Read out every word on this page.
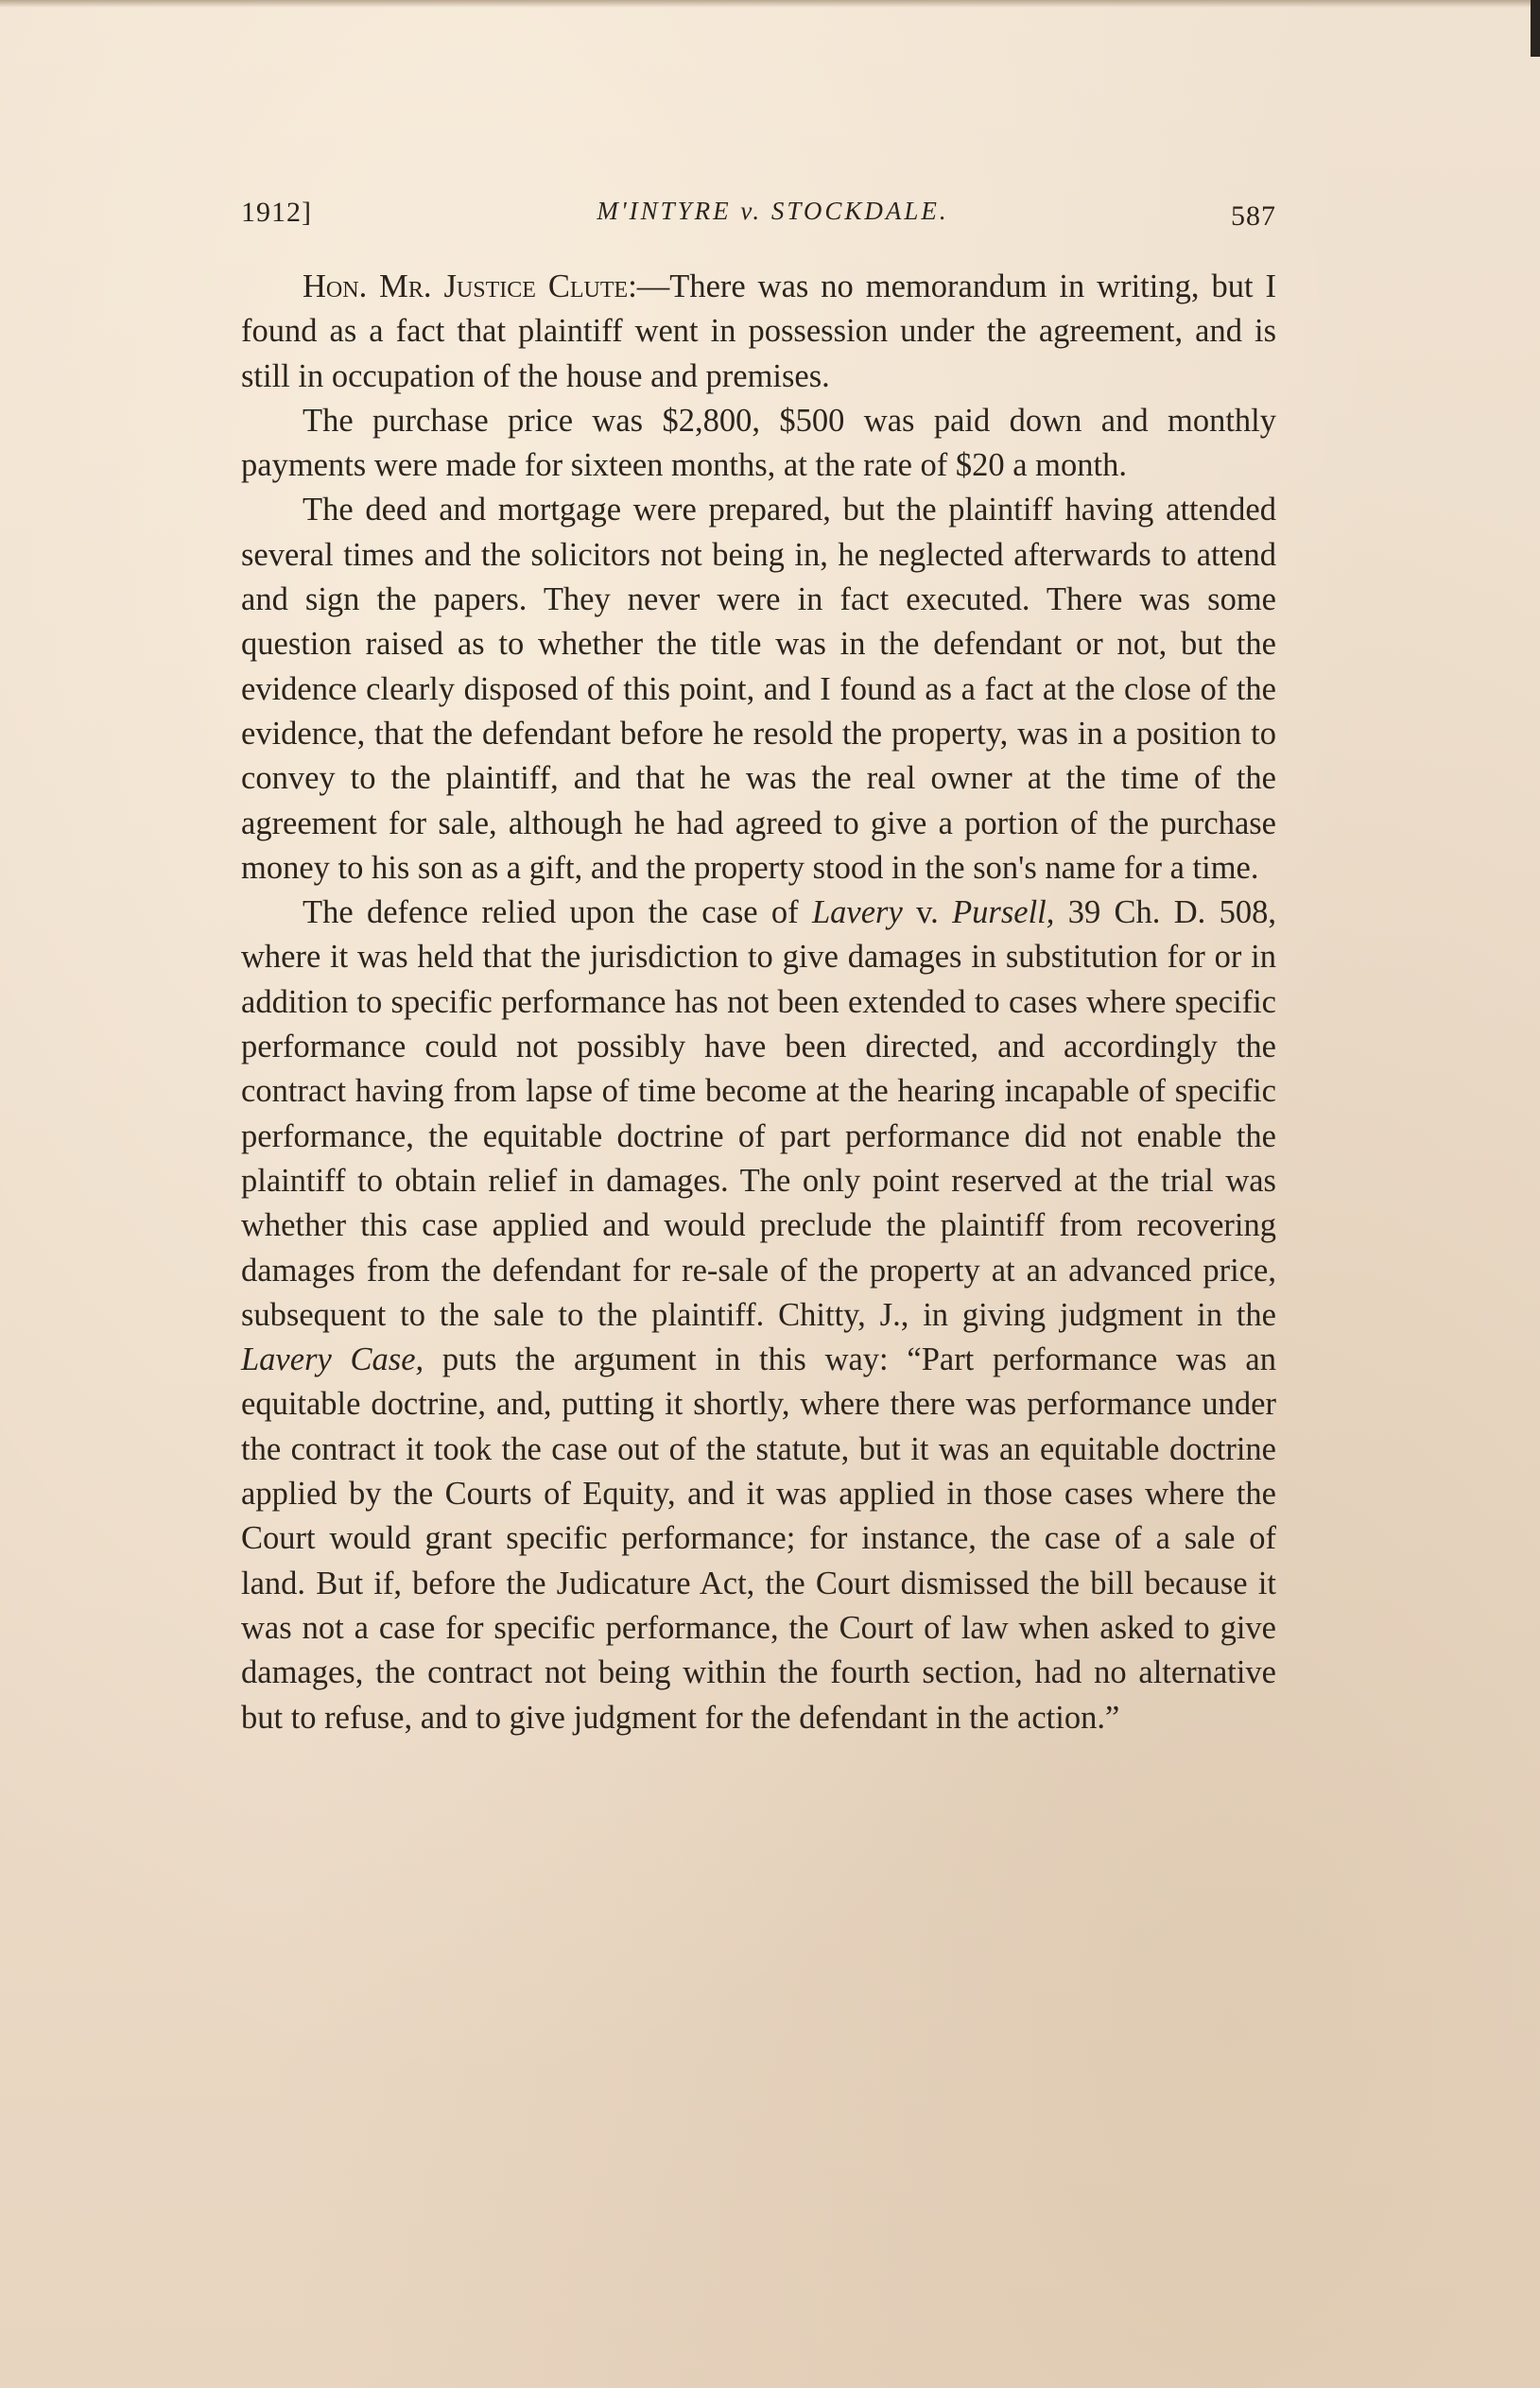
1912]	M'INTYRE v. STOCKDALE.	587

Hon. Mr. Justice Clute:—There was no memorandum in writing, but I found as a fact that plaintiff went in possession under the agreement, and is still in occupation of the house and premises.

The purchase price was $2,800, $500 was paid down and monthly payments were made for sixteen months, at the rate of $20 a month.

The deed and mortgage were prepared, but the plaintiff having attended several times and the solicitors not being in, he neglected afterwards to attend and sign the papers. They never were in fact executed. There was some question raised as to whether the title was in the defendant or not, but the evidence clearly disposed of this point, and I found as a fact at the close of the evidence, that the defendant before he resold the property, was in a position to convey to the plaintiff, and that he was the real owner at the time of the agreement for sale, although he had agreed to give a portion of the purchase money to his son as a gift, and the property stood in the son's name for a time.

The defence relied upon the case of Lavery v. Pursell, 39 Ch. D. 508, where it was held that the jurisdiction to give damages in substitution for or in addition to specific performance has not been extended to cases where specific performance could not possibly have been directed, and accordingly the contract having from lapse of time become at the hearing incapable of specific performance, the equitable doctrine of part performance did not enable the plaintiff to obtain relief in damages. The only point reserved at the trial was whether this case applied and would preclude the plaintiff from recovering damages from the defendant for re-sale of the property at an advanced price, subsequent to the sale to the plaintiff. Chitty, J., in giving judgment in the Lavery Case, puts the argument in this way: “Part performance was an equitable doctrine, and, putting it shortly, where there was performance under the contract it took the case out of the statute, but it was an equitable doctrine applied by the Courts of Equity, and it was applied in those cases where the Court would grant specific performance; for instance, the case of a sale of land. But if, before the Judicature Act, the Court dismissed the bill because it was not a case for specific performance, the Court of law when asked to give damages, the contract not being within the fourth section, had no alternative but to refuse, and to give judgment for the defendant in the action.”
